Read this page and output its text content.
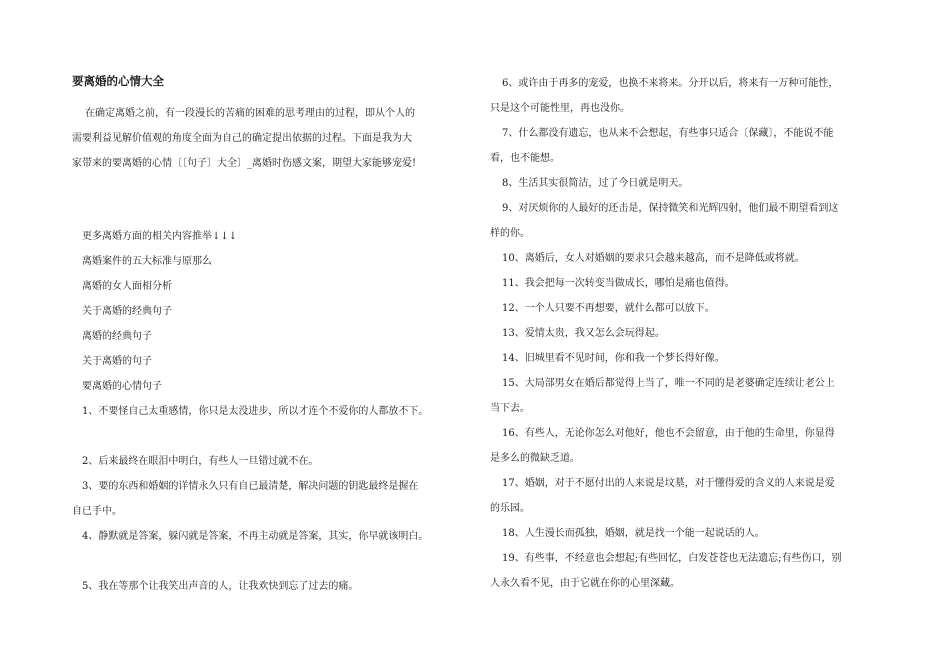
要离婚的心情大全
在确定离婚之前，有一段漫长的苦痛的困难的思考理由的过程，即从个人的
需要利益见解价值观的角度全面为自己的确定提出依据的过程。下面是我为大
家带来的要离婚的心情〔〔句子〕大全〕_离婚时伤感文案，期望大家能够宠爱!
更多离婚方面的相关内容推举↓↓↓
离婚案件的五大标准与原那么
离婚的女人面相分析
关于离婚的经典句子
离婚的经典句子
关于离婚的句子
要离婚的心情句子
1、不要怪自己太重感情，你只是太没进步，所以才连个不爱你的人都放不下。
2、后来最终在眼泪中明白，有些人一旦错过就不在。
3、要的东西和婚姻的详情永久只有自已最清楚，解决问题的钥匙最终是握在
自已手中。
4、静默就是答案，躲闪就是答案，不再主动就是答案，其实，你早就该明白。
5、我在等那个让我笑出声音的人，让我欢快到忘了过去的痛。
6、或许由于再多的宠爱，也换不来将来。分开以后，将来有一万种可能性，
只是这个可能性里，再也没你。
7、什么都没有遗忘，也从来不会想起，有些事只适合〔保藏〕，不能说不能
看，也不能想。
8、生活其实很简洁，过了今日就是明天。
9、对厌烦你的人最好的还击是，保持微笑和光辉四射，他们最不期望看到这
样的你。
10、离婚后，女人对婚姻的要求只会越来越高，而不是降低或将就。
11、我会把每一次转变当做成长，哪怕是痛也值得。
12、一个人只要不再想要，就什么都可以放下。
13、爱情太贵，我又怎么会玩得起。
14、旧城里看不见时间，你和我一个梦长得好像。
15、大局部男女在婚后都觉得上当了，唯一不同的是老婆确定连续让老公上
当下去。
16、有些人，无论你怎么对他好，他也不会留意，由于他的生命里，你显得
是多么的微缺乏道。
17、婚姻，对于不愿付出的人来说是坟墓，对于懂得爱的含义的人来说是爱
的乐园。
18、人生漫长而孤独，婚姻，就是找一个能一起说话的人。
19、有些事，不经意也会想起;有些回忆，白发苍苍也无法遗忘;有些伤口，别
人永久看不见，由于它就在你的心里深藏。
